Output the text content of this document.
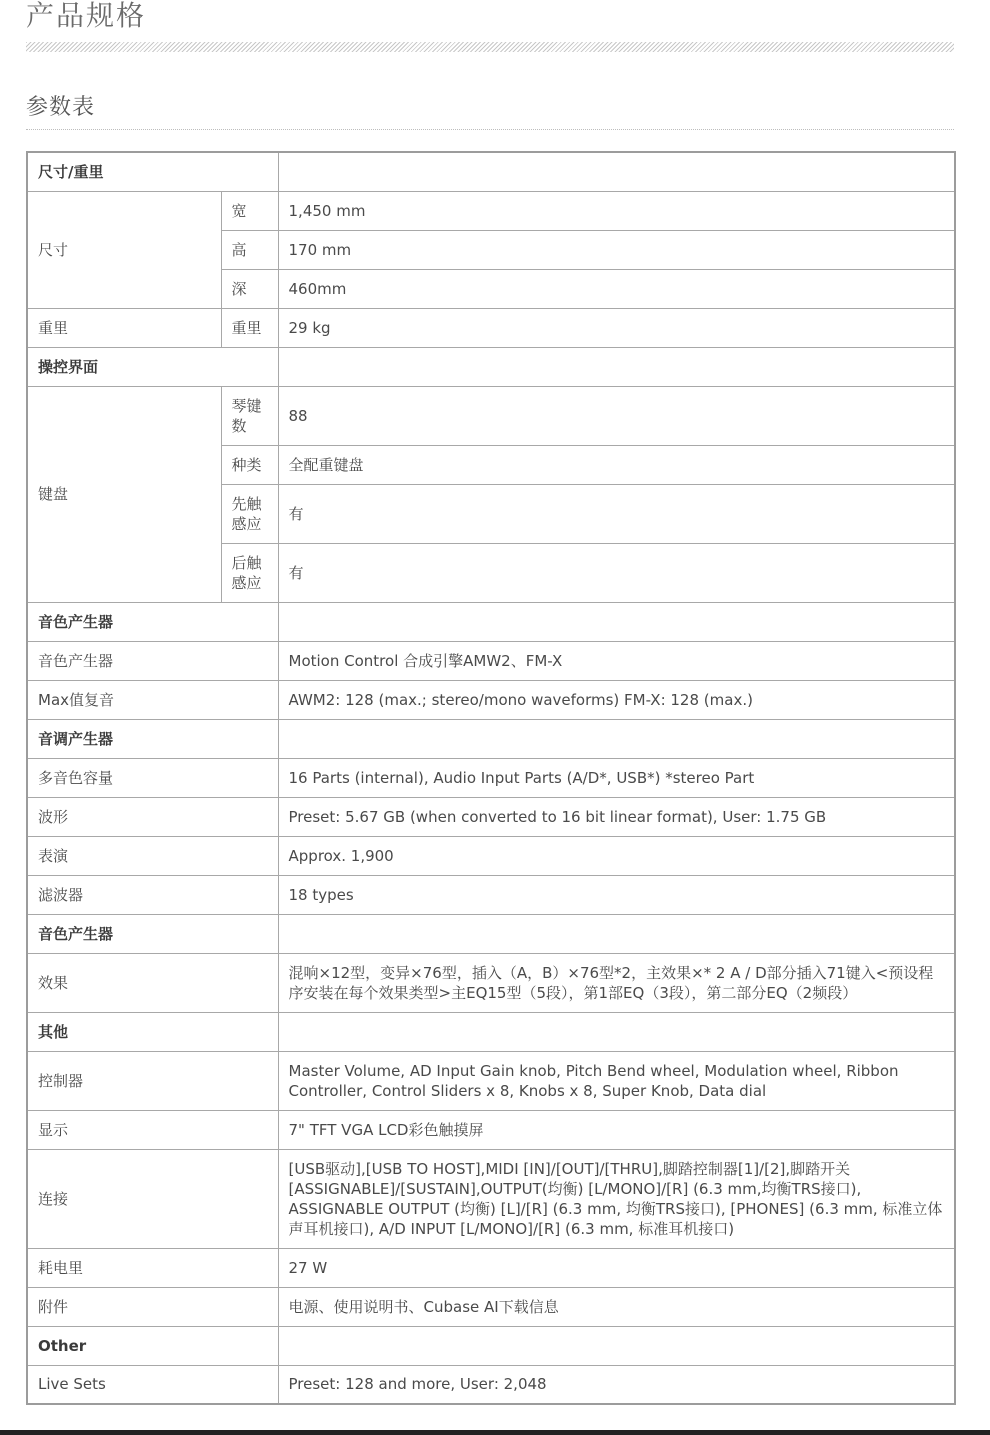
产品规格
参数表
尺寸/重里		
尺寸	宽	1,450 mm
	高	170 mm
	深	460mm
重里	重里	29 kg
操控界面		
键盘	琴键数	88
	种类	全配重键盘
	先触感应	有
	后触感应	有
音色产生器		
音色产生器		Motion Control 合成引擎AMW2、FM-X
Max值复音		AWM2: 128 (max.; stereo/mono waveforms) FM-X: 128 (max.)
音调产生器		
多音色容量		16 Parts (internal), Audio Input Parts (A/D*, USB*) *stereo Part
波形		Preset: 5.67 GB (when converted to 16 bit linear format), User: 1.75 GB
表演		Approx. 1,900
滤波器		18 types
音色产生器		
效果		混响×12型，变异×76型，插入（A，B）×76型*2，主效果×* 2 A / D部分插入71键入<预设程序安装在每个效果类型>主EQ15型（5段），第1部EQ（3段），第二部分EQ（2频段）
其他		
控制器		Master Volume, AD Input Gain knob, Pitch Bend wheel, Modulation wheel, Ribbon Controller, Control Sliders x 8, Knobs x 8, Super Knob, Data dial
显示		7" TFT VGA LCD彩色触摸屏
连接		[USB驱动],[USB TO HOST],MIDI [IN]/[OUT]/[THRU],脚踏控制器[1]/[2],脚踏开关[ASSIGNABLE]/[SUSTAIN],OUTPUT(均衡) [L/MONO]/[R] (6.3 mm,均衡TRS接口), ASSIGNABLE OUTPUT (均衡) [L]/[R] (6.3 mm, 均衡TRS接口), [PHONES] (6.3 mm, 标准立体声耳机接口), A/D INPUT [L/MONO]/[R] (6.3 mm, 标准耳机接口)
耗电里		27 W
附件		电源、使用说明书、Cubase AI下载信息
Other		
Live Sets		Preset: 128 and more, User: 2,048
